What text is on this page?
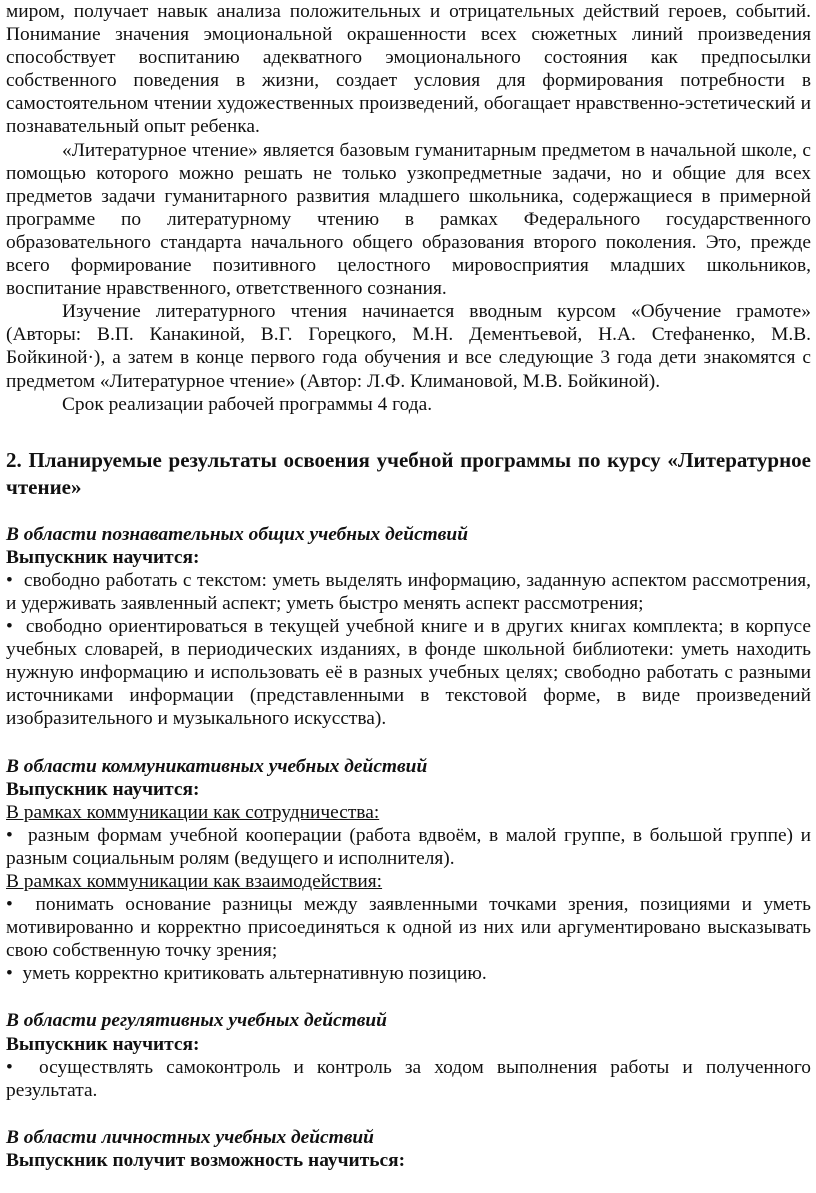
миром, получает навык анализа положительных и отрицательных действий героев, событий. Понимание значения эмоциональной окрашенности всех сюжетных линий произведения способствует воспитанию адекватного эмоционального состояния как предпосылки собственного поведения в жизни, создает условия для формирования потребности в самостоятельном чтении художественных произведений, обогащает нравственно-эстетический и познавательный опыт ребенка.

«Литературное чтение» является базовым гуманитарным предметом в начальной школе, с помощью которого можно решать не только узкопредметные задачи, но и общие для всех предметов задачи гуманитарного развития младшего школьника, содержащиеся в примерной программе по литературному чтению в рамках Федерального государственного образовательного стандарта начального общего образования второго поколения. Это, прежде всего формирование позитивного целостного мировосприятия младших школьников, воспитание нравственного, ответственного сознания.

Изучение литературного чтения начинается вводным курсом «Обучение грамоте» (Авторы: В.П. Канакиной, В.Г. Горецкого, М.Н. Дементьевой, Н.А. Стефаненко, М.В. Бойкиной·), а затем в конце первого года обучения и все следующие 3 года дети знакомятся с предметом «Литературное чтение» (Автор: Л.Ф. Климановой, М.В. Бойкиной).

Срок реализации рабочей программы 4 года.

2. Планируемые результаты освоения учебной программы по курсу «Литературное чтение»

В области познавательных общих учебных действий

Выпускник научится:

• свободно работать с текстом: уметь выделять информацию, заданную аспектом рассмотрения, и удерживать заявленный аспект; уметь быстро менять аспект рассмотрения;

• свободно ориентироваться в текущей учебной книге и в других книгах комплекта; в корпусе учебных словарей, в периодических изданиях, в фонде школьной библиотеки: уметь находить нужную информацию и использовать её в разных учебных целях; свободно работать с разными источниками информации (представленными в текстовой форме, в виде произведений изобразительного и музыкального искусства).

В области коммуникативных учебных действий

Выпускник научится:

В рамках коммуникации как сотрудничества:

• разным формам учебной кооперации (работа вдвоём, в малой группе, в большой группе) и разным социальным ролям (ведущего и исполнителя).

В рамках коммуникации как взаимодействия:

• понимать основание разницы между заявленными точками зрения, позициями и уметь мотивированно и корректно присоединяться к одной из них или аргументировано высказывать свою собственную точку зрения;

• уметь корректно критиковать альтернативную позицию.

В области регулятивных учебных действий

Выпускник научится:

• осуществлять самоконтроль и контроль за ходом выполнения работы и полученного результата.

В области личностных учебных действий

Выпускник получит возможность научиться:
